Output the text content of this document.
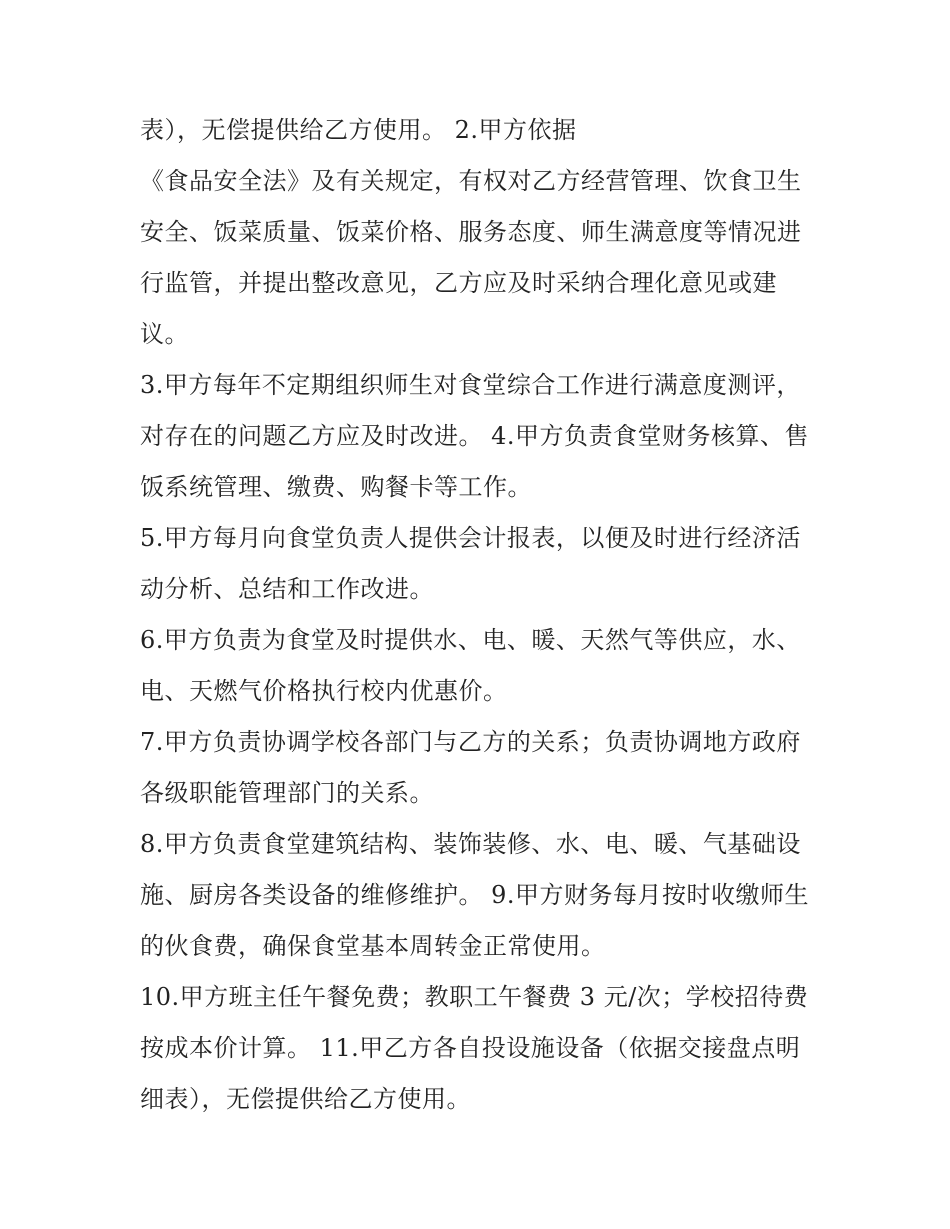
表），无偿提供给乙方使用。 2.甲方依据
《食品安全法》及有关规定，有权对乙方经营管理、饮食卫生
安全、饭菜质量、饭菜价格、服务态度、师生满意度等情况进
行监管，并提出整改意见，乙方应及时采纳合理化意见或建
议。
3.甲方每年不定期组织师生对食堂综合工作进行满意度测评，
对存在的问题乙方应及时改进。 4.甲方负责食堂财务核算、售
饭系统管理、缴费、购餐卡等工作。
5.甲方每月向食堂负责人提供会计报表，以便及时进行经济活
动分析、总结和工作改进。
6.甲方负责为食堂及时提供水、电、暖、天然气等供应，水、
电、天燃气价格执行校内优惠价。
7.甲方负责协调学校各部门与乙方的关系；负责协调地方政府
各级职能管理部门的关系。
8.甲方负责食堂建筑结构、装饰装修、水、电、暖、气基础设
施、厨房各类设备的维修维护。 9.甲方财务每月按时收缴师生
的伙食费，确保食堂基本周转金正常使用。
10.甲方班主任午餐免费；教职工午餐费 3 元/次；学校招待费
按成本价计算。 11.甲乙方各自投设施设备（依据交接盘点明
细表），无偿提供给乙方使用。
